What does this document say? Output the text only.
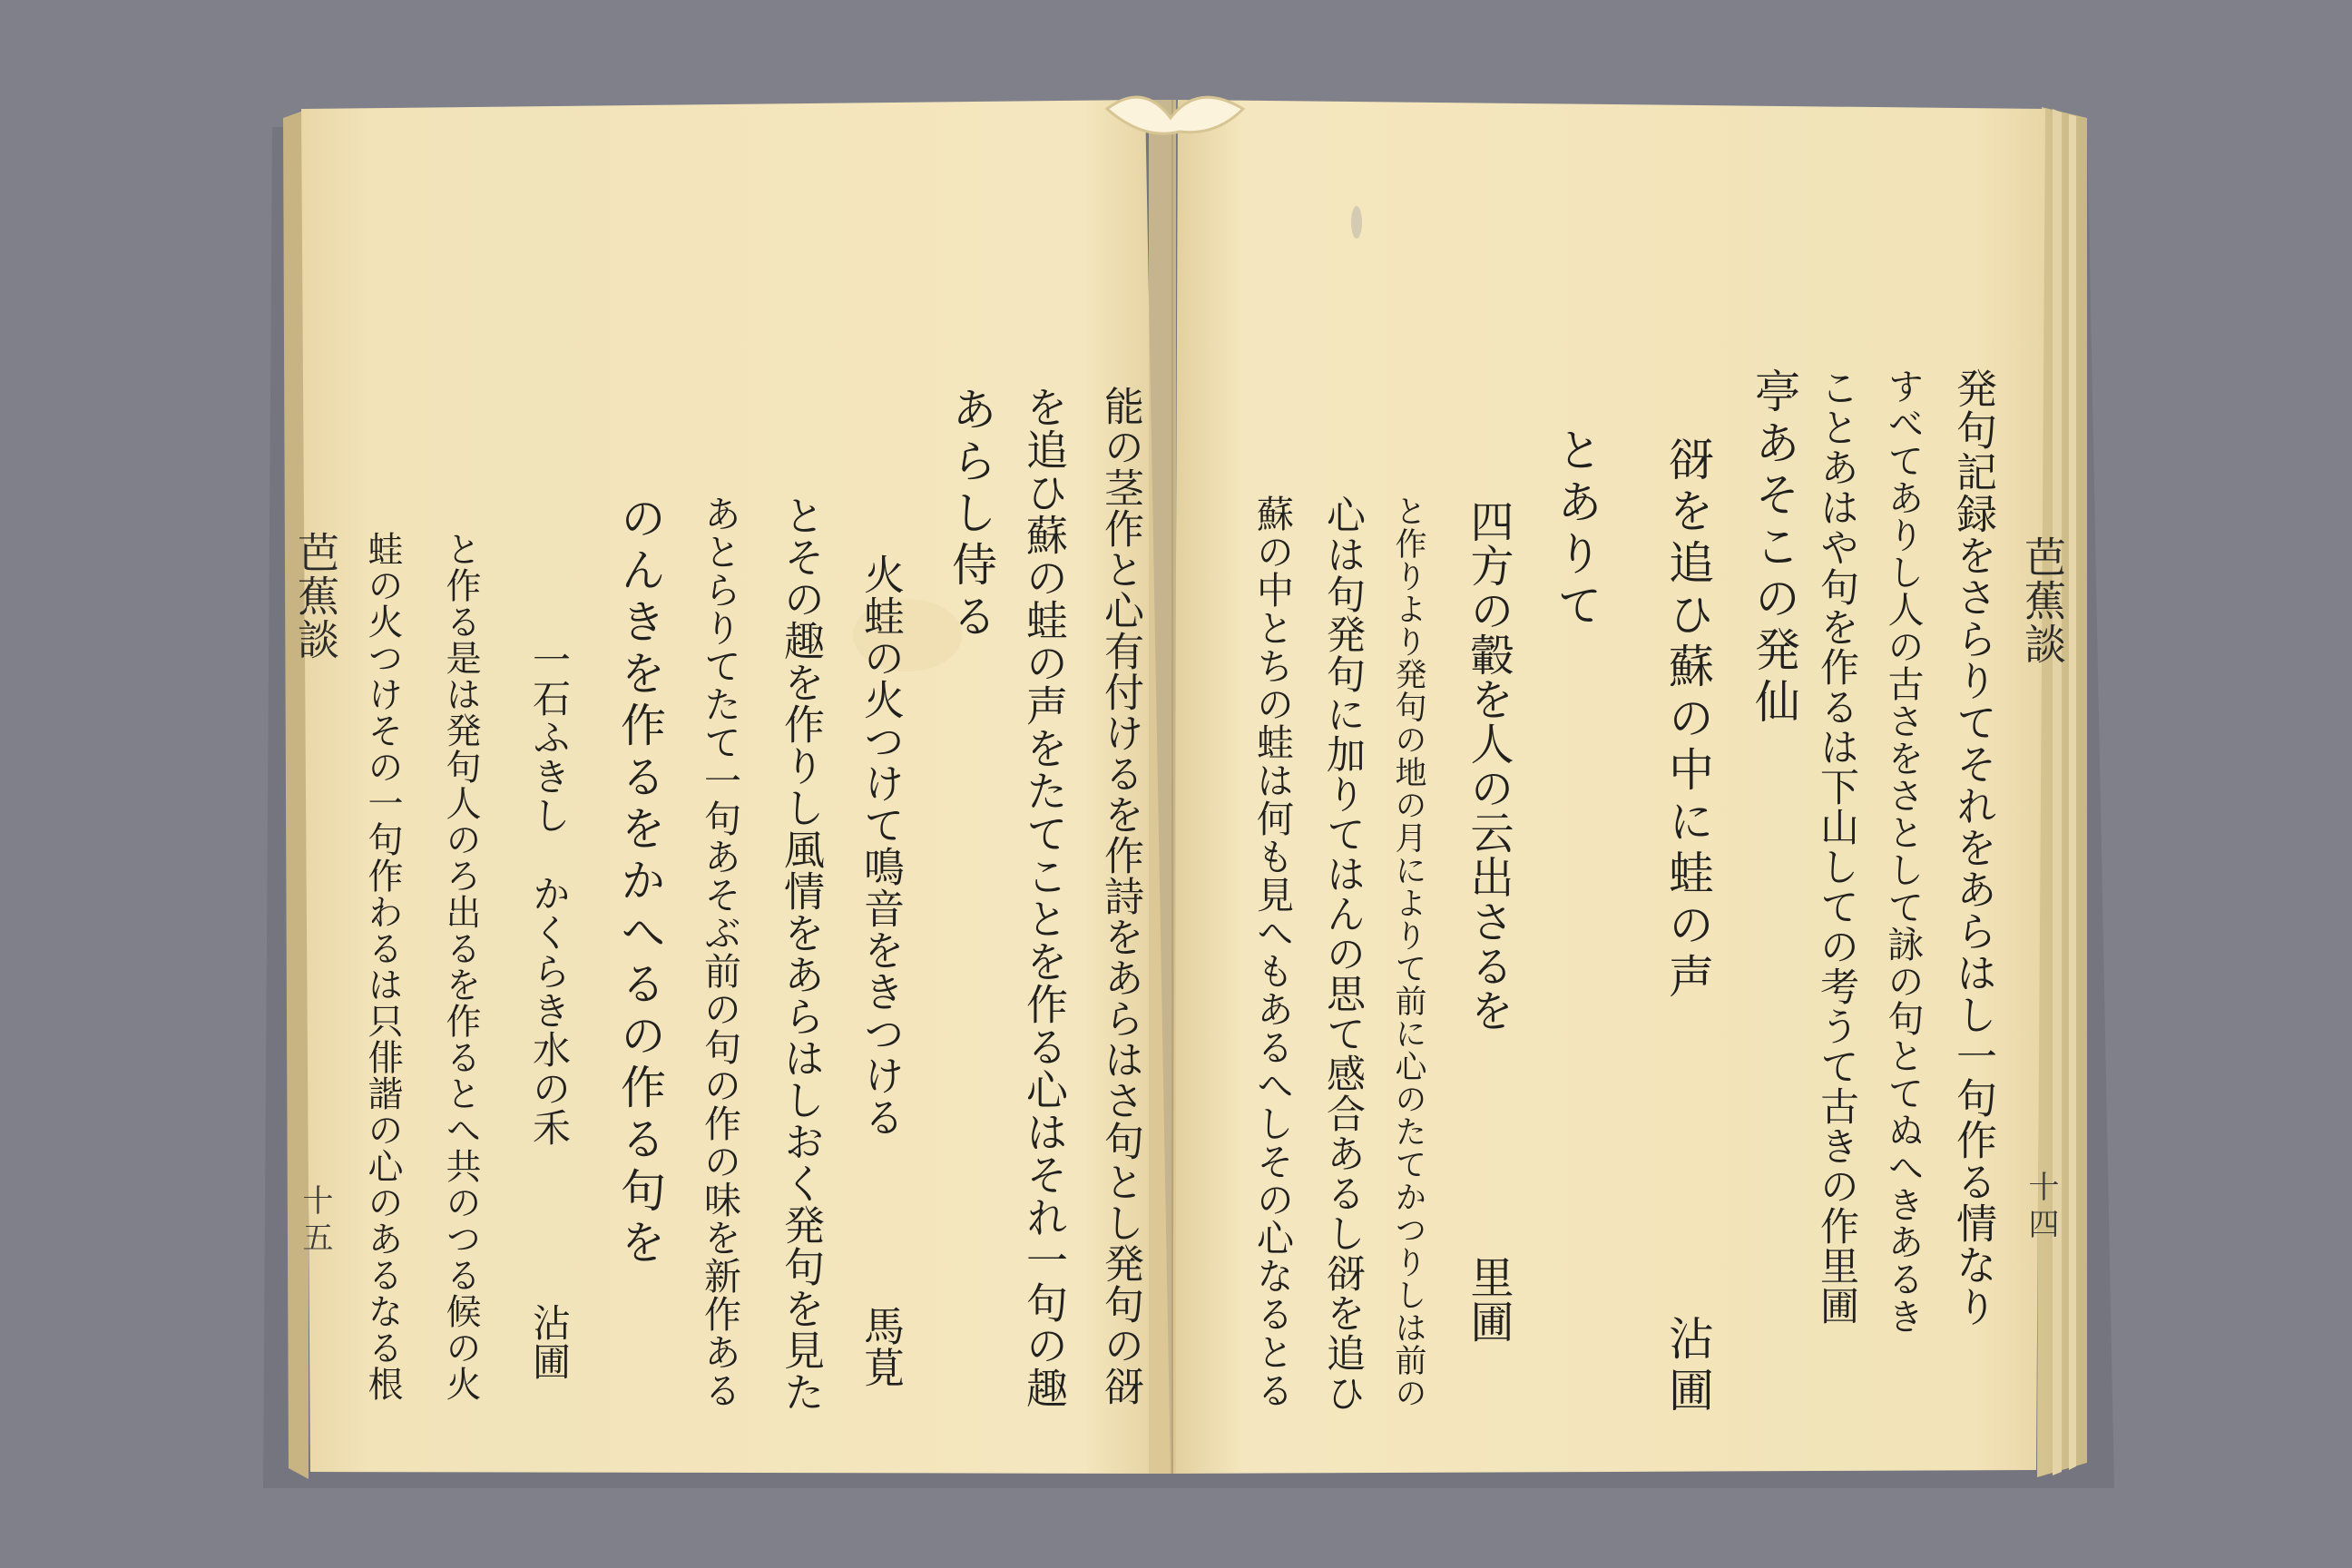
発句記録をさらりてそれをあらはし一句作る情なり
すべてありし人の古さをさとして詠の句とてぬへきあるき
ことあはや句を作るは下山しての考うて古きの作里圃
亭あそこの発仙
谺を追ひ蘇の中に蛙の声　　　　　　沾圃
とありて
四方の轂を人の云出さるを　　　　　里圃
と作りより発句の地の月によりて前に心のたてかつりしは前の
心は句発句に加りてはんの思て感合あるし谺を追ひ
蘇の中とちの蛙は何も見へもあるへしその心なるとる
能の茎作と心有付けるを作詩をあらはさ句とし発句の谺
を追ひ蘇の蛙の声をたてことを作る心はそれ一句の趣
あらし侍る
火蛙の火つけて鳴音をきつける　　　　馬莧
とその趣を作りし風情をあらはしおく発句を見た
あとらりてたて一句あそぶ前の句の作の味を新作ある
のんきを作るをかへるの作る句を
一石ふきし　かくらき水の禾　　　　沾圃
と作る是は発句人のろ出るを作るとへ共のつる候の火
蛙の火つけその一句作わるは只俳諧の心のあるなる根	芭蕉談
芭蕉談
十四
十五
